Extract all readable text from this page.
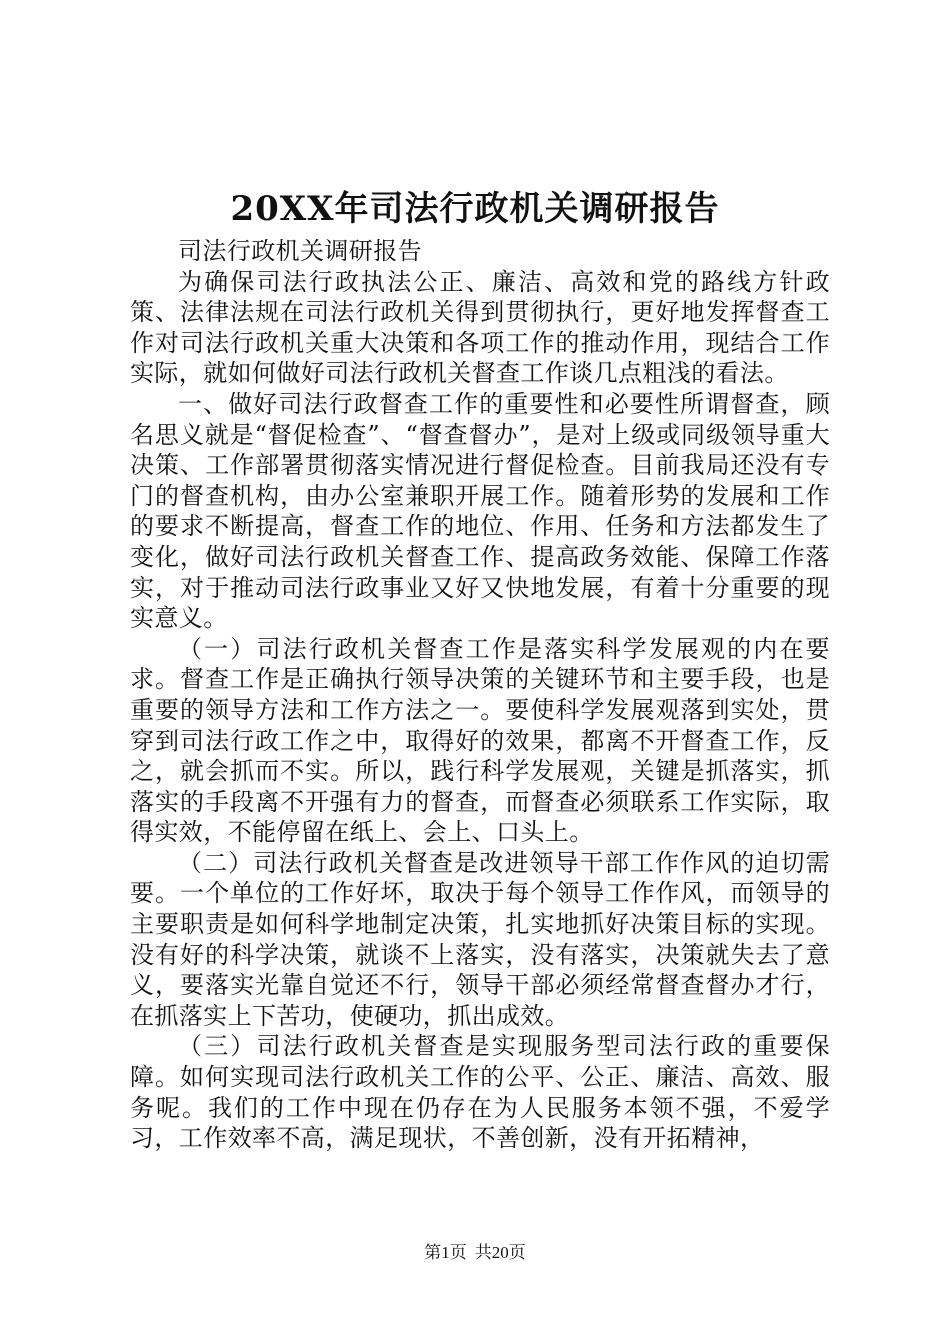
20XX年司法行政机关调研报告

司法行政机关调研报告

为确保司法行政执法公正、廉洁、高效和党的路线方针政策、法律法规在司法行政机关得到贯彻执行，更好地发挥督查工作对司法行政机关重大决策和各项工作的推动作用，现结合工作实际，就如何做好司法行政机关督查工作谈几点粗浅的看法。

一、做好司法行政督查工作的重要性和必要性所谓督查，顾名思义就是“督促检查”、“督查督办”，是对上级或同级领导重大决策、工作部署贯彻落实情况进行督促检查。目前我局还没有专门的督查机构，由办公室兼职开展工作。随着形势的发展和工作的要求不断提高，督查工作的地位、作用、任务和方法都发生了变化，做好司法行政机关督查工作、提高政务效能、保障工作落实，对于推动司法行政事业又好又快地发展，有着十分重要的现实意义。

（一）司法行政机关督查工作是落实科学发展观的内在要求。督查工作是正确执行领导决策的关键环节和主要手段，也是重要的领导方法和工作方法之一。要使科学发展观落到实处，贯穿到司法行政工作之中，取得好的效果，都离不开督查工作，反之，就会抓而不实。所以，践行科学发展观，关键是抓落实，抓落实的手段离不开强有力的督查，而督查必须联系工作实际，取得实效，不能停留在纸上、会上、口头上。

（二）司法行政机关督查是改进领导干部工作作风的迫切需要。一个单位的工作好坏，取决于每个领导工作作风，而领导的主要职责是如何科学地制定决策，扎实地抓好决策目标的实现。没有好的科学决策，就谈不上落实，没有落实，决策就失去了意义，要落实光靠自觉还不行，领导干部必须经常督查督办才行，在抓落实上下苦功，使硬功，抓出成效。

（三）司法行政机关督查是实现服务型司法行政的重要保障。如何实现司法行政机关工作的公平、公正、廉洁、高效、服务呢。我们的工作中现在仍存在为人民服务本领不强，不爱学习，工作效率不高，满足现状，不善创新，没有开拓精神，

第1页 共20页
